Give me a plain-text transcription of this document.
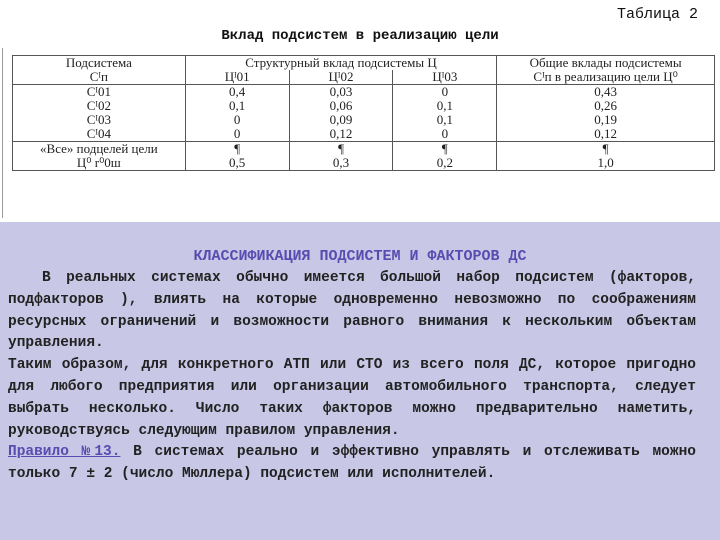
Таблица 2
Вклад подсистем в реализацию цели
Подсистема	Структурный вклад подсистемы Ц			Общие вклады подсистемы
Сᴵп	Цᴵ01	Цᴵ02	Цᴵ03	Сᴵп в реализацию цели Ц⁰
Сᴵ01	0,4	0,03	0	0,43
Сᴵ02	0,1	0,06	0,1	0,26
Сᴵ03	0	0,09	0,1	0,19
Сᴵ04	0	0,12	0	0,12
«Все» подцелей цели	¶	¶	¶	¶
Ц⁰ r⁰0ш	0,5	0,3	0,2	1,0
КЛАССИФИКАЦИЯ ПОДСИСТЕМ И ФАКТОРОВ ДС

В реальных системах обычно имеется большой набор подсистем (факторов, подфакторов ), влиять на которые одновременно невозможно по соображениям ресурсных ограничений и возможности равного внимания к нескольким объектам управления.

Таким образом, для конкретного АТП или СТО из всего поля ДС, которое пригодно для любого предприятия или организации автомобильного транспорта, следует выбрать несколько. Число таких факторов можно предварительно наметить, руководствуясь следующим правилом управления.

Правило №13. В системах реально и эффективно управлять и отслеживать можно только 7 ± 2 (число Мюллера) подсистем или исполнителей.
